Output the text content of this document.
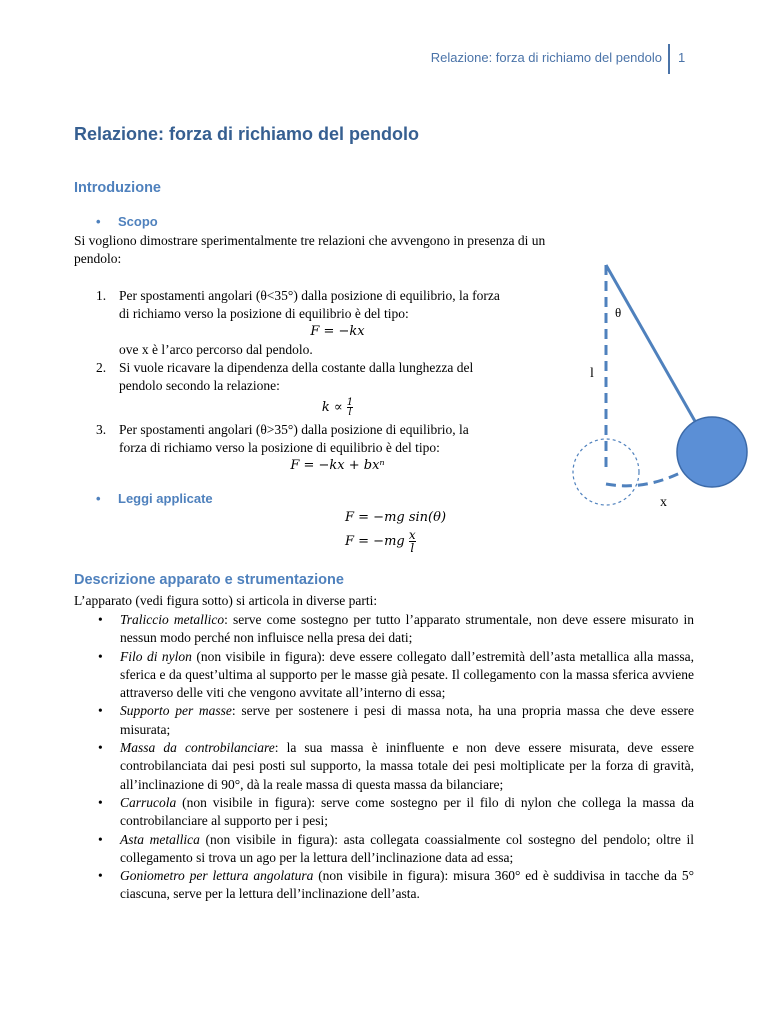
Relazione: forza di richiamo del pendolo 1
Relazione: forza di richiamo del pendolo
Introduzione
• Scopo
Si vogliono dimostrare sperimentalmente tre relazioni che avvengono in presenza di un
pendolo:
1. Per spostamenti angolari (θ<35°) dalla posizione di equilibrio, la forza
di richiamo verso la posizione di equilibrio è del tipo:
F = −kx
ove x è l’arco percorso dal pendolo.
2. Si vuole ricavare la dipendenza della costante dalla lunghezza del
pendolo secondo la relazione:
$k \propto \frac{1}{l}$
3. Per spostamenti angolari (θ>35°) dalla posizione di equilibrio, la
forza di richiamo verso la posizione di equilibrio è del tipo:
F = −kx + bxⁿ
• Leggi applicate
F = −mg sin(θ)
$F = -mg \frac{x}{l}$
θ
l
x
Descrizione apparato e strumentazione
L’apparato (vedi figura sotto) si articola in diverse parti:
• Traliccio metallico: serve come sostegno per tutto l’apparato strumentale, non deve essere misurato in nessun modo perché non influisce nella presa dei dati;
• Filo di nylon (non visibile in figura): deve essere collegato dall’estremità dell’asta metallica alla massa, sferica e da quest’ultima al supporto per le masse già pesate. Il collegamento con la massa sferica avviene attraverso delle viti che vengono avvitate all’interno di essa;
• Supporto per masse: serve per sostenere i pesi di massa nota, ha una propria massa che deve essere misurata;
• Massa da controbilanciare: la sua massa è ininfluente e non deve essere misurata, deve essere controbilanciata dai pesi posti sul supporto, la massa totale dei pesi moltiplicate per la forza di gravità, all’inclinazione di 90°, dà la reale massa di questa massa da bilanciare;
• Carrucola (non visibile in figura): serve come sostegno per il filo di nylon che collega la massa da controbilanciare al supporto per i pesi;
• Asta metallica (non visibile in figura): asta collegata coassialmente col sostegno del pendolo; oltre il collegamento si trova un ago per la lettura dell’inclinazione data ad essa;
• Goniometro per lettura angolatura (non visibile in figura): misura 360° ed è suddivisa in tacche da 5° ciascuna, serve per la lettura dell’inclinazione dell’asta.
